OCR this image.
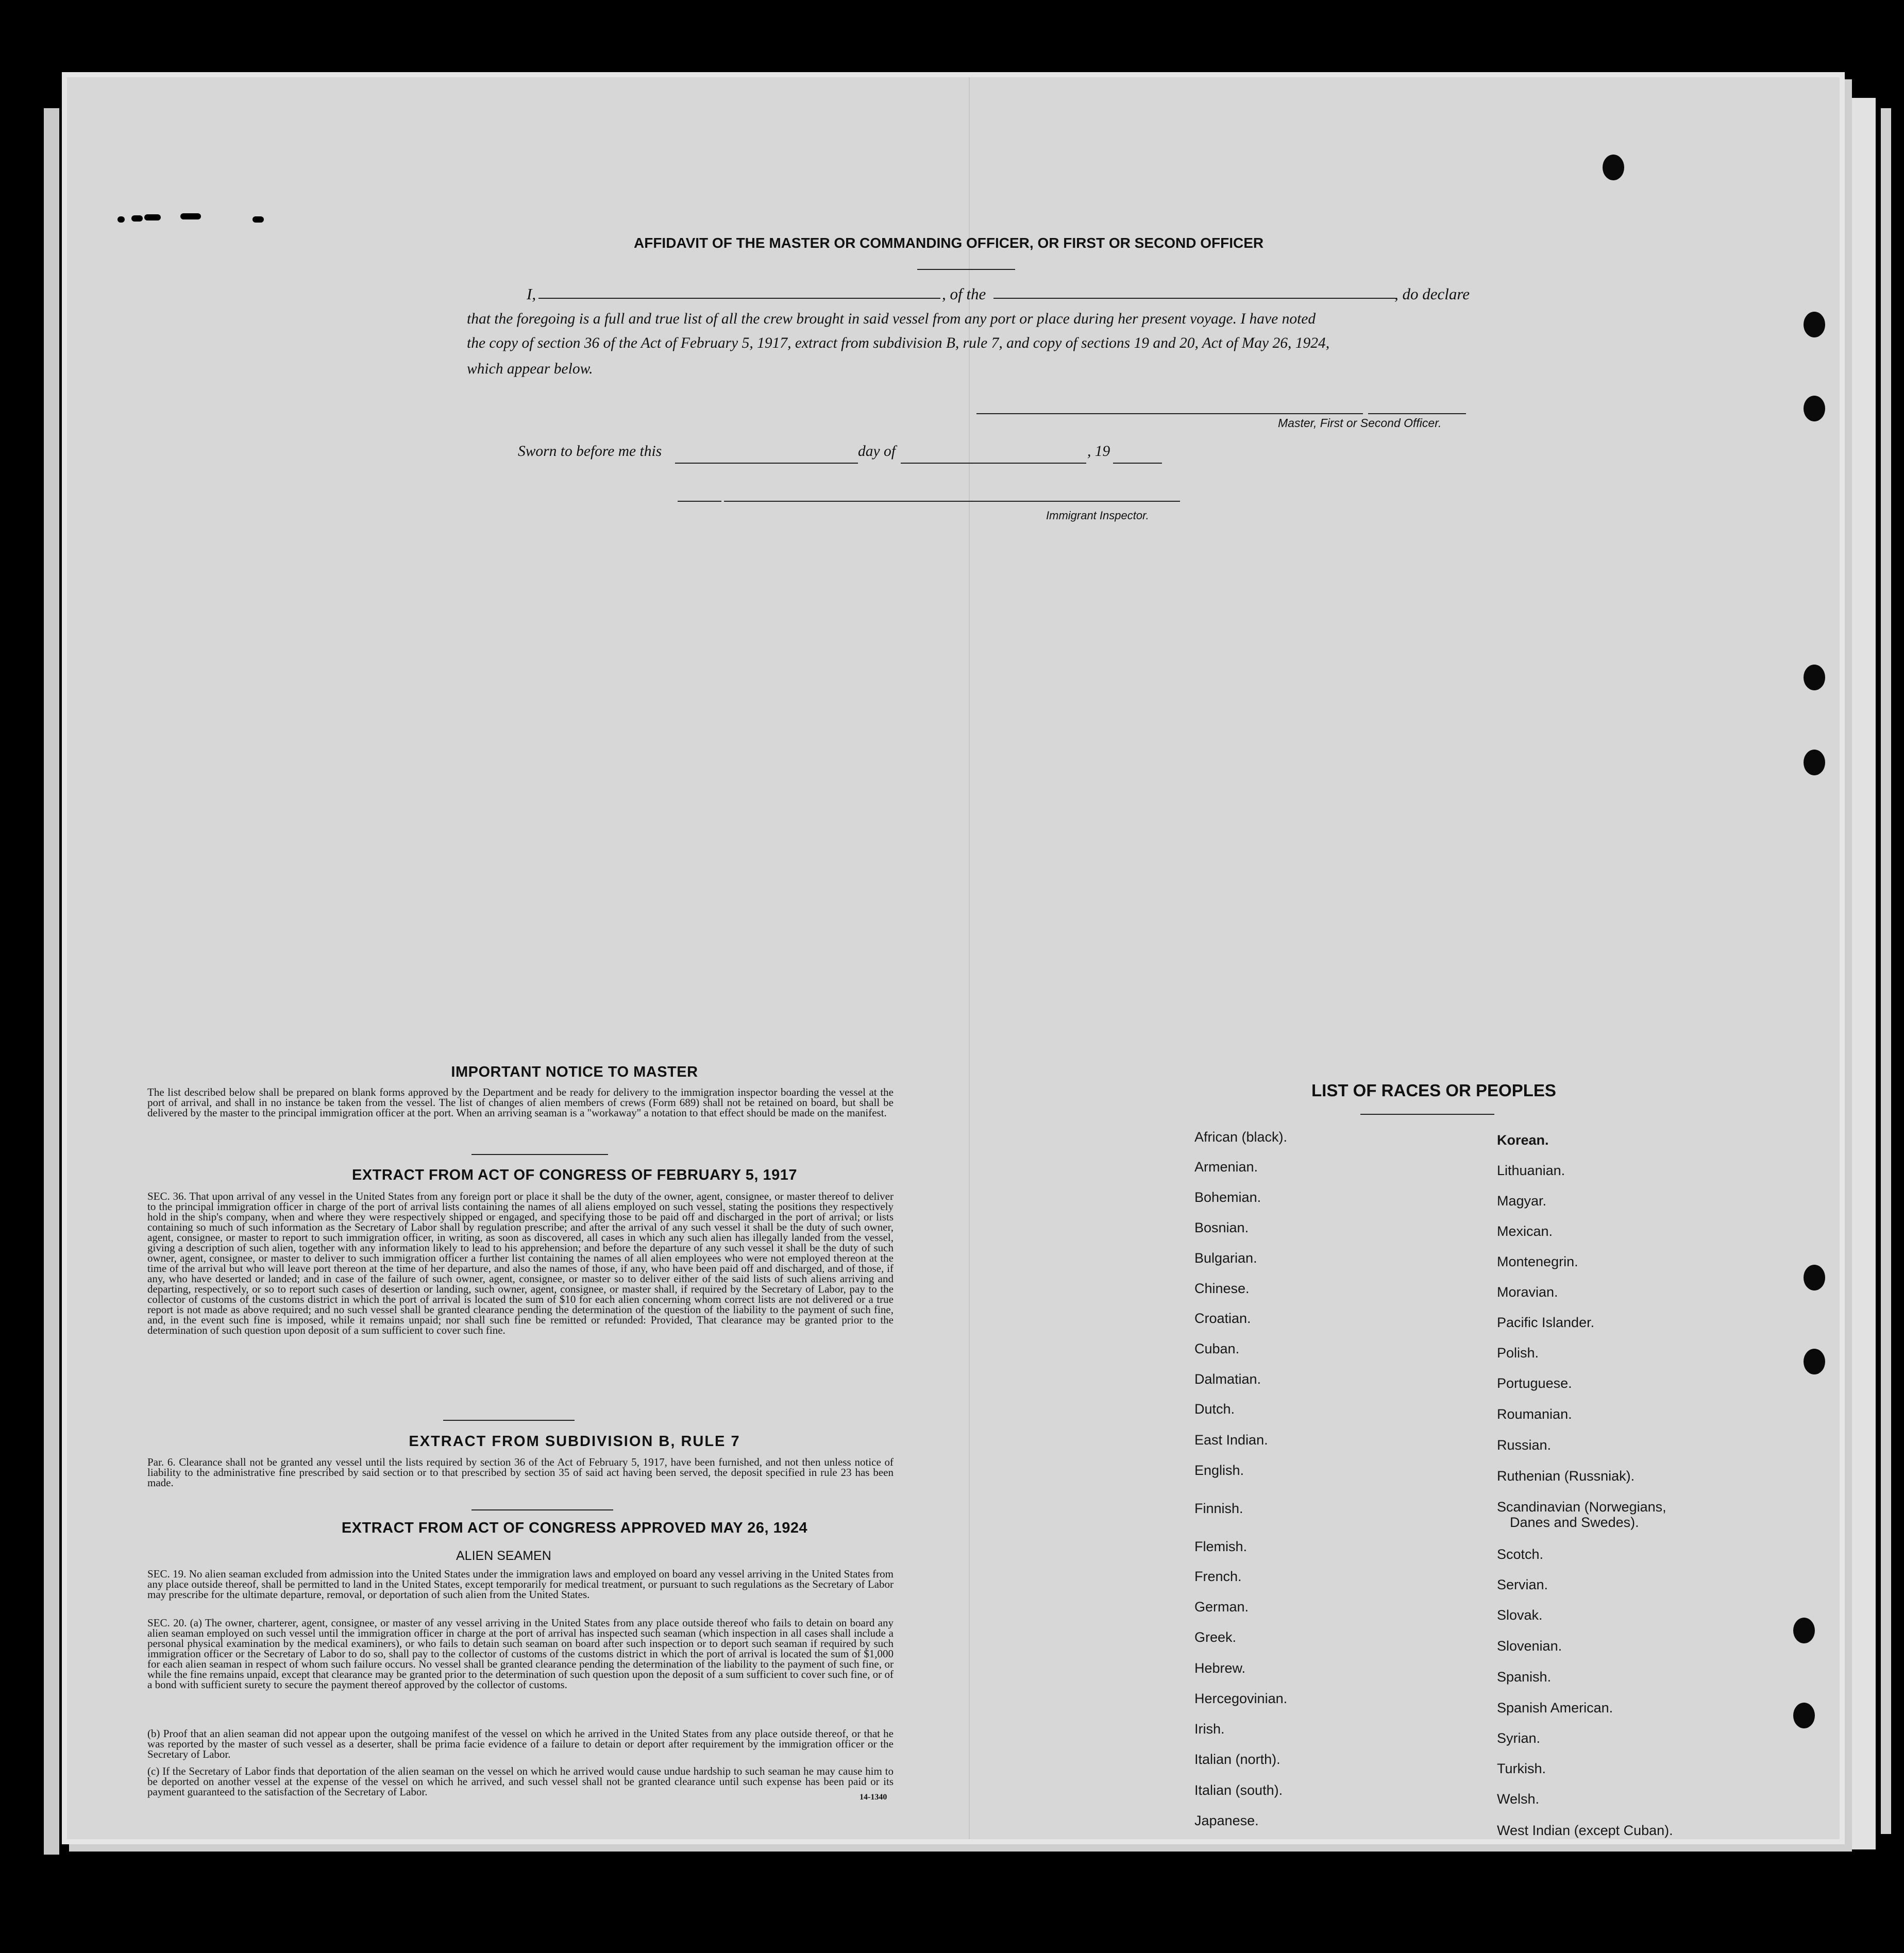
AFFIDAVIT OF THE MASTER OR COMMANDING OFFICER, OR FIRST OR SECOND OFFICER
I,	, of the	, do declare
that the foregoing is a full and true list of all the crew brought in said vessel from any port or place during her present voyage. I have noted
the copy of section 36 of the Act of February 5, 1917, extract from subdivision B, rule 7, and copy of sections 19 and 20, Act of May 26, 1924,
which appear below.
Master, First or Second Officer.
Sworn to before me this	day of	, 19
Immigrant Inspector.
IMPORTANT NOTICE TO MASTER
The list described below shall be prepared on blank forms approved by the Department and be ready for delivery to the immigration inspector boarding the vessel at the port of arrival, and shall in no instance be taken from the vessel. The list of changes of alien members of crews (Form 689) shall not be retained on board, but shall be delivered by the master to the principal immigration officer at the port. When an arriving seaman is a "workaway" a notation to that effect should be made on the manifest.
EXTRACT FROM ACT OF CONGRESS OF FEBRUARY 5, 1917
SEC. 36. That upon arrival of any vessel in the United States from any foreign port or place it shall be the duty of the owner, agent, consignee, or master thereof to deliver to the principal immigration officer in charge of the port of arrival lists containing the names of all aliens employed on such vessel, stating the positions they respectively hold in the ship's company, when and where they were respectively shipped or engaged, and specifying those to be paid off and discharged in the port of arrival; or lists containing so much of such information as the Secretary of Labor shall by regulation prescribe; and after the arrival of any such vessel it shall be the duty of such owner, agent, consignee, or master to report to such immigration officer, in writing, as soon as discovered, all cases in which any such alien has illegally landed from the vessel, giving a description of such alien, together with any information likely to lead to his apprehension; and before the departure of any such vessel it shall be the duty of such owner, agent, consignee, or master to deliver to such immigration officer a further list containing the names of all alien employees who were not employed thereon at the time of the arrival but who will leave port thereon at the time of her departure, and also the names of those, if any, who have been paid off and discharged, and of those, if any, who have deserted or landed; and in case of the failure of such owner, agent, consignee, or master so to deliver either of the said lists of such aliens arriving and departing, respectively, or so to report such cases of desertion or landing, such owner, agent, consignee, or master shall, if required by the Secretary of Labor, pay to the collector of customs of the customs district in which the port of arrival is located the sum of $10 for each alien concerning whom correct lists are not delivered or a true report is not made as above required; and no such vessel shall be granted clearance pending the determination of the question of the liability to the payment of such fine, and, in the event such fine is imposed, while it remains unpaid; nor shall such fine be remitted or refunded: Provided, That clearance may be granted prior to the determination of such question upon deposit of a sum sufficient to cover such fine.
EXTRACT FROM SUBDIVISION B, RULE 7
Par. 6. Clearance shall not be granted any vessel until the lists required by section 36 of the Act of February 5, 1917, have been furnished, and not then unless notice of liability to the administrative fine prescribed by said section or to that prescribed by section 35 of said act having been served, the deposit specified in rule 23 has been made.
EXTRACT FROM ACT OF CONGRESS APPROVED MAY 26, 1924
ALIEN SEAMEN
SEC. 19. No alien seaman excluded from admission into the United States under the immigration laws and employed on board any vessel arriving in the United States from any place outside thereof, shall be permitted to land in the United States, except temporarily for medical treatment, or pursuant to such regulations as the Secretary of Labor may prescribe for the ultimate departure, removal, or deportation of such alien from the United States.
SEC. 20. (a) The owner, charterer, agent, consignee, or master of any vessel arriving in the United States from any place outside thereof who fails to detain on board any alien seaman employed on such vessel until the immigration officer in charge at the port of arrival has inspected such seaman (which inspection in all cases shall include a personal physical examination by the medical examiners), or who fails to detain such seaman on board after such inspection or to deport such seaman if required by such immigration officer or the Secretary of Labor to do so, shall pay to the collector of customs of the customs district in which the port of arrival is located the sum of $1,000 for each alien seaman in respect of whom such failure occurs. No vessel shall be granted clearance pending the determination of the liability to the payment of such fine, or while the fine remains unpaid, except that clearance may be granted prior to the determination of such question upon the deposit of a sum sufficient to cover such fine, or of a bond with sufficient surety to secure the payment thereof approved by the collector of customs.
(b) Proof that an alien seaman did not appear upon the outgoing manifest of the vessel on which he arrived in the United States from any place outside thereof, or that he was reported by the master of such vessel as a deserter, shall be prima facie evidence of a failure to detain or deport after requirement by the immigration officer or the Secretary of Labor.
(c) If the Secretary of Labor finds that deportation of the alien seaman on the vessel on which he arrived would cause undue hardship to such seaman he may cause him to be deported on another vessel at the expense of the vessel on which he arrived, and such vessel shall not be granted clearance until such expense has been paid or its payment guaranteed to the satisfaction of the Secretary of Labor.	14-1340
LIST OF RACES OR PEOPLES
African (black).
Armenian.
Bohemian.
Bosnian.
Bulgarian.
Chinese.
Croatian.
Cuban.
Dalmatian.
Dutch.
East Indian.
English.
Finnish.
Flemish.
French.
German.
Greek.
Hebrew.
Hercegovinian.
Irish.
Italian (north).
Italian (south).
Japanese.
Korean.
Lithuanian.
Magyar.
Mexican.
Montenegrin.
Moravian.
Pacific Islander.
Polish.
Portuguese.
Roumanian.
Russian.
Ruthenian (Russniak).
Scandinavian (Norwegians,
Danes and Swedes).
Scotch.
Servian.
Slovak.
Slovenian.
Spanish.
Spanish American.
Syrian.
Turkish.
Welsh.
West Indian (except Cuban).
